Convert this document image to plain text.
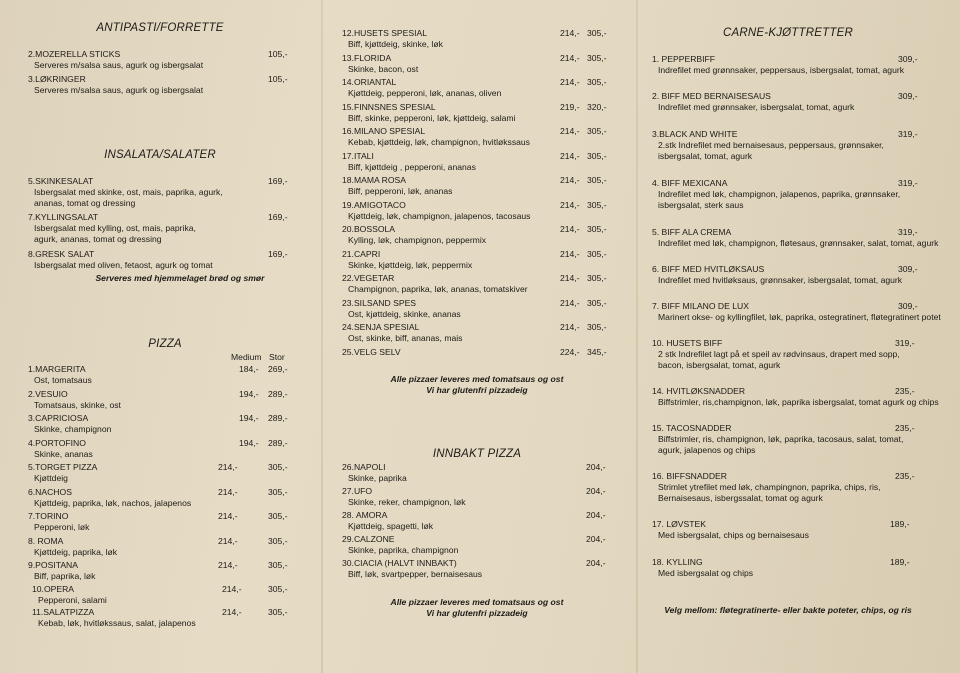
ANTIPASTI/FORRETTE
2.MOZERELLA STICKS	105,-
Serveres m/salsa saus, agurk og isbergsalat
3.LØKRINGER	105,-
Serveres m/salsa saus, agurk og isbergsalat
INSALATA/SALATER
5.SKINKESALAT	169,-
Isbergsalat med skinke, ost, mais, paprika, agurk,
ananas, tomat og dressing
7.KYLLINGSALAT	169,-
Isbergsalat med kylling, ost, mais, paprika,
agurk, ananas, tomat og dressing
8.GRESK SALAT	169,-
Isbergsalat med oliven, fetaost, agurk og tomat
Serveres med hjemmelaget brød og smør
PIZZA
Medium Stor
1.MARGERITA	184,- 269,-
Ost, tomatsaus
2.VESUIO	194,- 289,-
Tomatsaus, skinke, ost
3.CAPRICIOSA	194,- 289,-
Skinke, champignon
4.PORTOFINO	194,- 289,-
Skinke, ananas
5.TORGET PIZZA	214,-	305,-
Kjøttdeig
6.NACHOS	214,-	305,-
Kjøttdeig, paprika, løk, nachos, jalapenos
7.TORINO	214,-	305,-
Pepperoni, løk
8. ROMA	214,-	305,-
Kjøttdeig, paprika, løk
9.POSITANA	214,-	305,-
Biff, paprika, løk
10.OPERA	214,-	305,-
Pepperoni, salami
11.SALATPIZZA	214,-	305,-
Kebab, løk, hvitløkssaus, salat, jalapenos
12.HUSETS SPESIAL	214,- 305,-
Biff, kjøttdeig, skinke, løk
13.FLORIDA	214,- 305,-
Skinke, bacon, ost
14.ORIANTAL	214,- 305,-
Kjøttdeig, pepperoni, løk, ananas, oliven
15.FINNSNES SPESIAL	219,- 320,-
Biff, skinke, pepperoni, løk, kjøttdeig, salami
16.MILANO SPESIAL	214,- 305,-
Kebab, kjøttdeig, løk, champignon, hvitløkssaus
17.ITALI	214,- 305,-
Biff, kjøttdeig , pepperoni, ananas
18.MAMA ROSA	214,- 305,-
Biff, pepperoni, løk, ananas
19.AMIGOTACO	214,- 305,-
Kjøttdeig, løk, champignon, jalapenos, tacosaus
20.BOSSOLA	214,- 305,-
Kylling, løk, champignon, peppermix
21.CAPRI	214,- 305,-
Skinke, kjøttdeig, løk, peppermix
22.VEGETAR	214,- 305,-
Champignon, paprika, løk, ananas, tomatskiver
23.SILSAND SPES	214,- 305,-
Ost, kjøttdeig, skinke, ananas
24.SENJA SPESIAL	214,- 305,-
Ost, skinke, biff, ananas, mais
25.VELG SELV	224,- 345,-
Alle pizzaer leveres med tomatsaus og ost
Vi har glutenfri pizzadeig
INNBAKT PIZZA
26.NAPOLI	204,-
Skinke, paprika
27.UFO	204,-
Skinke, reker, champignon, løk
28. AMORA	204,-
Kjøttdeig, spagetti, løk
29.CALZONE	204,-
Skinke, paprika, champignon
30.CIACIA (HALVT INNBAKT)	204,-
Biff, løk, svartpepper, bernaisesaus
Alle pizzaer leveres med tomatsaus og ost
Vi har glutenfri pizzadeig
CARNE-KJØTTRETTER
1. PEPPERBIFF	309,-
Indrefilet med grønnsaker, peppersaus, isbergsalat, tomat, agurk
2. BIFF MED BERNAISESAUS	309,-
Indrefilet med grønnsaker, isbergsalat, tomat, agurk
3.BLACK AND WHITE	319,-
2.stk Indrefilet med bernaisesaus, peppersaus, grønnsaker,
isbergsalat, tomat, agurk
4. BIFF MEXICANA	319,-
Indrefilet med løk, champignon, jalapenos, paprika, grønnsaker,
isbergsalat, sterk saus
5. BIFF ALA CREMA	319,-
Indrefilet med løk, champignon, fløtesaus, grønnsaker, salat, tomat, agurk
6. BIFF MED HVITLØKSAUS	309,-
Indrefilet med hvitløksaus, grønnsaker, isbergsalat, tomat, agurk
7. BIFF MILANO DE LUX	309,-
Marinert okse- og kyllingfilet, løk, paprika, ostegratinert, fløtegratinert potet
10. HUSETS BIFF	319,-
2 stk Indrefilet lagt på et speil av rødvinsaus, drapert med sopp,
bacon, isbergsalat, tomat, agurk
14. HVITLØKSNADDER	235,-
Biffstrimler, ris,champignon, løk, paprika isbergsalat, tomat agurk og chips
15. TACOSNADDER	235,-
Biffstrimler, ris, champignon, løk, paprika, tacosaus, salat, tomat,
agurk, jalapenos og chips
16. BIFFSNADDER	235,-
Strimlet ytrefilet med løk, champingnon, paprika, chips, ris,
Bernaisesaus, isbergssalat, tomat og agurk
17. LØVSTEK	189,-
Med isbergsalat, chips og bernaisesaus
18. KYLLING	189,-
Med isbergsalat og chips
Velg mellom: fløtegratinerte- eller bakte poteter, chips, og ris
